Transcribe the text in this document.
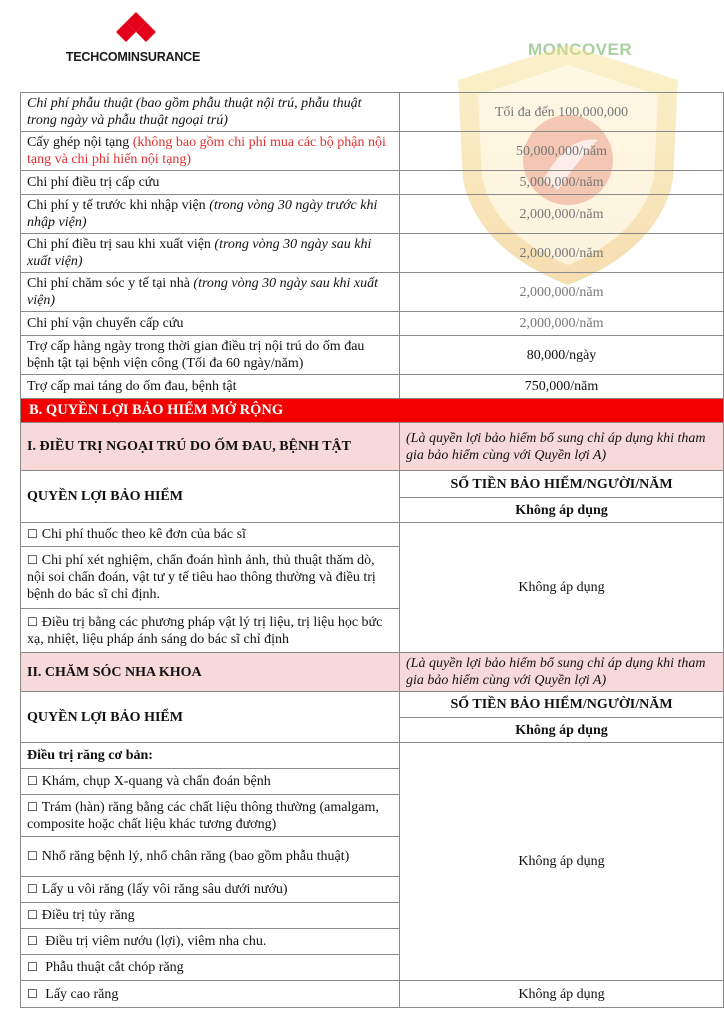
TECHCOMINSURANCE	MONCOVER
Chi phí phẫu thuật (bao gồm phẫu thuật nội trú, phẫu thuật trong ngày và phẫu thuật ngoại trú)	Tối đa đến 100,000,000
Cấy ghép nội tạng (không bao gồm chi phí mua các bộ phận nội tạng và chi phí hiến nội tạng)	50,000,000/năm
Chi phí điều trị cấp cứu	5,000,000/năm
Chi phí y tế trước khi nhập viện (trong vòng 30 ngày trước khi nhập viện)	2,000,000/năm
Chi phí điều trị sau khi xuất viện (trong vòng 30 ngày sau khi xuất viện)	2,000,000/năm
Chi phí chăm sóc y tế tại nhà (trong vòng 30 ngày sau khi xuất viện)	2,000,000/năm
Chi phí vận chuyển cấp cứu	2,000,000/năm
Trợ cấp hàng ngày trong thời gian điều trị nội trú do ốm đau bệnh tật tại bệnh viện công (Tối đa 60 ngày/năm)	80,000/ngày
Trợ cấp mai táng do ốm đau, bệnh tật	750,000/năm
B. QUYỀN LỢI BẢO HIỂM MỞ RỘNG	
I. ĐIỀU TRỊ NGOẠI TRÚ DO ỐM ĐAU, BỆNH TẬT	(Là quyền lợi bảo hiểm bổ sung chỉ áp dụng khi tham gia bảo hiểm cùng với Quyền lợi A)
QUYỀN LỢI BẢO HIỂM	SỐ TIỀN BẢO HIỂM/NGƯỜI/NĂM
	Không áp dụng
☐ Chi phí thuốc theo kê đơn của bác sĩ	Không áp dụng
☐ Chi phí xét nghiệm, chẩn đoán hình ảnh, thủ thuật thăm dò, nội soi chẩn đoán, vật tư y tế tiêu hao thông thường và điều trị bệnh do bác sĩ chỉ định.	
☐ Điều trị bằng các phương pháp vật lý trị liệu, trị liệu học bức xạ, nhiệt, liệu pháp ánh sáng do bác sĩ chỉ định	
II. CHĂM SÓC NHA KHOA	(Là quyền lợi bảo hiểm bổ sung chỉ áp dụng khi tham gia bảo hiểm cùng với Quyền lợi A)
QUYỀN LỢI BẢO HIỂM	SỐ TIỀN BẢO HIỂM/NGƯỜI/NĂM
	Không áp dụng
Điều trị răng cơ bản:	Không áp dụng
☐ Khám, chụp X-quang và chẩn đoán bệnh	
☐ Trám (hàn) răng bằng các chất liệu thông thường (amalgam, composite hoặc chất liệu khác tương đương)	
☐ Nhổ răng bệnh lý, nhổ chân răng (bao gồm phẫu thuật)	
☐ Lấy u vôi răng (lấy vôi răng sâu dưới nướu)	
☐ Điều trị tủy răng	
☐ Điều trị viêm nướu (lợi), viêm nha chu.	
☐ Phẫu thuật cắt chóp răng	
☐ Lấy cao răng	Không áp dụng
